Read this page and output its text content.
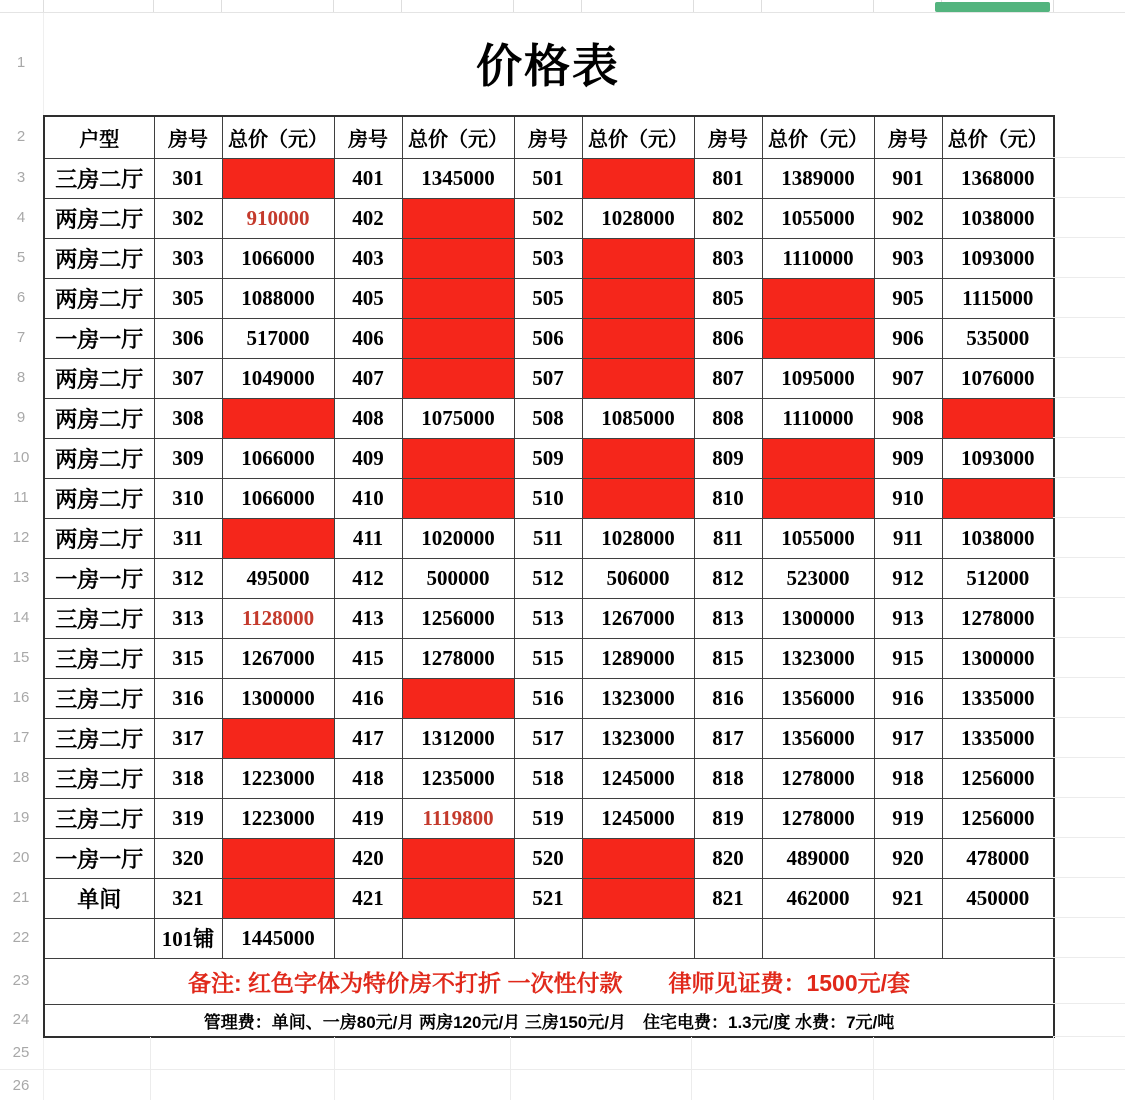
1
2
3
4
5
6
7
8
9
10
11
12
13
14
15
16
17
18
19
20
21
22
23
24
25
26
价格表
户型	房号	总价（元）	房号	总价（元）	房号	总价（元）	房号	总价（元）	房号	总价（元）
三房二厅	301		401	1345000	501		801	1389000	901	1368000
两房二厅	302	910000	402		502	1028000	802	1055000	902	1038000
两房二厅	303	1066000	403		503		803	1110000	903	1093000
两房二厅	305	1088000	405		505		805		905	1115000
一房一厅	306	517000	406		506		806		906	535000
两房二厅	307	1049000	407		507		807	1095000	907	1076000
两房二厅	308		408	1075000	508	1085000	808	1110000	908	
两房二厅	309	1066000	409		509		809		909	1093000
两房二厅	310	1066000	410		510		810		910	
两房二厅	311		411	1020000	511	1028000	811	1055000	911	1038000
一房一厅	312	495000	412	500000	512	506000	812	523000	912	512000
三房二厅	313	1128000	413	1256000	513	1267000	813	1300000	913	1278000
三房二厅	315	1267000	415	1278000	515	1289000	815	1323000	915	1300000
三房二厅	316	1300000	416		516	1323000	816	1356000	916	1335000
三房二厅	317		417	1312000	517	1323000	817	1356000	917	1335000
三房二厅	318	1223000	418	1235000	518	1245000	818	1278000	918	1256000
三房二厅	319	1223000	419	1119800	519	1245000	819	1278000	919	1256000
一房一厅	320		420		520		820	489000	920	478000
单间	321		421		521		821	462000	921	450000
	101铺	1445000								
备注: 红色字体为特价房不打折 一次性付款　　律师见证费：1500元/套										
管理费：单间、一房80元/月 两房120元/月 三房150元/月　住宅电费：1.3元/度 水费：7元/吨										
